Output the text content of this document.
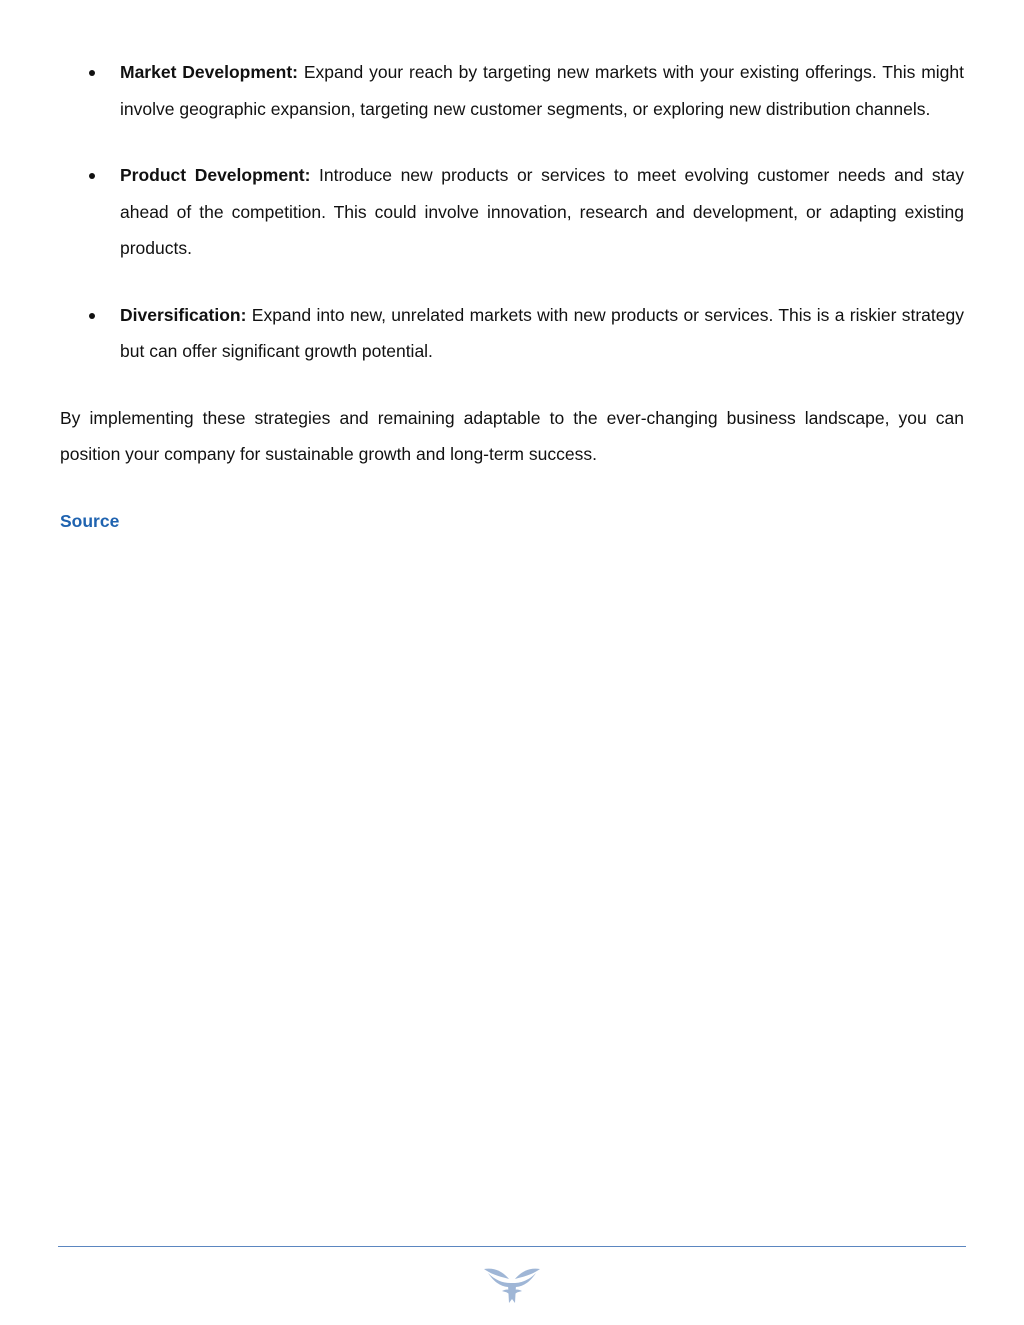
Market Development: Expand your reach by targeting new markets with your existing offerings. This might involve geographic expansion, targeting new customer segments, or exploring new distribution channels.
Product Development: Introduce new products or services to meet evolving customer needs and stay ahead of the competition. This could involve innovation, research and development, or adapting existing products.
Diversification: Expand into new, unrelated markets with new products or services. This is a riskier strategy but can offer significant growth potential.

By implementing these strategies and remaining adaptable to the ever-changing business landscape, you can position your company for sustainable growth and long-term success.

Source
